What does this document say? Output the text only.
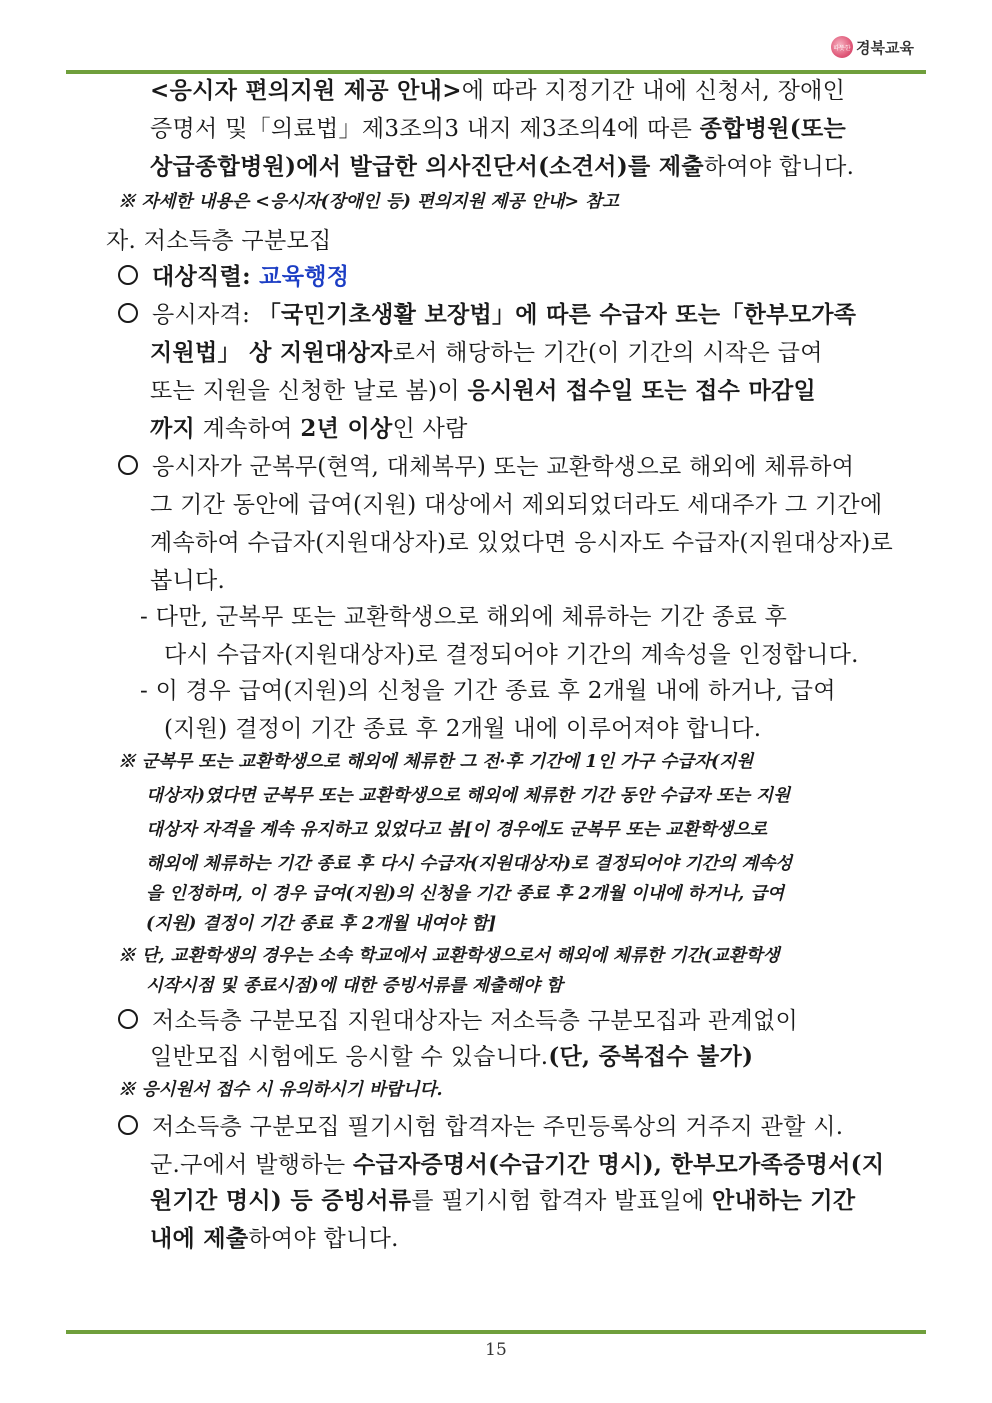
따뜻한 경북교육
<응시자 편의지원 제공 안내>에 따라 지정기간 내에 신청서, 장애인
증명서 및「의료법」제3조의3 내지 제3조의4에 따른 종합병원(또는
상급종합병원)에서 발급한 의사진단서(소견서)를 제출하여야 합니다.
※ 자세한 내용은 <응시자(장애인 등) 편의지원 제공 안내> 참고
자. 저소득층 구분모집
대상직렬: 교육행정
응시자격: 「국민기초생활 보장법」에 따른 수급자 또는「한부모가족
지원법」 상 지원대상자로서 해당하는 기간(이 기간의 시작은 급여
또는 지원을 신청한 날로 봄)이 응시원서 접수일 또는 접수 마감일
까지 계속하여 2년 이상인 사람
응시자가 군복무(현역, 대체복무) 또는 교환학생으로 해외에 체류하여
그 기간 동안에 급여(지원) 대상에서 제외되었더라도 세대주가 그 기간에
계속하여 수급자(지원대상자)로 있었다면 응시자도 수급자(지원대상자)로
봅니다.
- 다만, 군복무 또는 교환학생으로 해외에 체류하는 기간 종료 후
다시 수급자(지원대상자)로 결정되어야 기간의 계속성을 인정합니다.
- 이 경우 급여(지원)의 신청을 기간 종료 후 2개월 내에 하거나, 급여
(지원) 결정이 기간 종료 후 2개월 내에 이루어져야 합니다.
※ 군복무 또는 교환학생으로 해외에 체류한 그 전·후 기간에 1인 가구 수급자(지원
대상자)였다면 군복무 또는 교환학생으로 해외에 체류한 기간 동안 수급자 또는 지원
대상자 자격을 계속 유지하고 있었다고 봄[이 경우에도 군복무 또는 교환학생으로
해외에 체류하는 기간 종료 후 다시 수급자(지원대상자)로 결정되어야 기간의 계속성
을 인정하며, 이 경우 급여(지원)의 신청을 기간 종료 후 2개월 이내에 하거나, 급여
(지원) 결정이 기간 종료 후 2개월 내여야 함]
※ 단, 교환학생의 경우는 소속 학교에서 교환학생으로서 해외에 체류한 기간(교환학생
시작시점 및 종료시점)에 대한 증빙서류를 제출해야 함
저소득층 구분모집 지원대상자는 저소득층 구분모집과 관계없이
일반모집 시험에도 응시할 수 있습니다.(단, 중복접수 불가)
※ 응시원서 접수 시 유의하시기 바랍니다.
저소득층 구분모집 필기시험 합격자는 주민등록상의 거주지 관할 시.
군.구에서 발행하는 수급자증명서(수급기간 명시), 한부모가족증명서(지
원기간 명시) 등 증빙서류를 필기시험 합격자 발표일에 안내하는 기간
내에 제출하여야 합니다.
15
